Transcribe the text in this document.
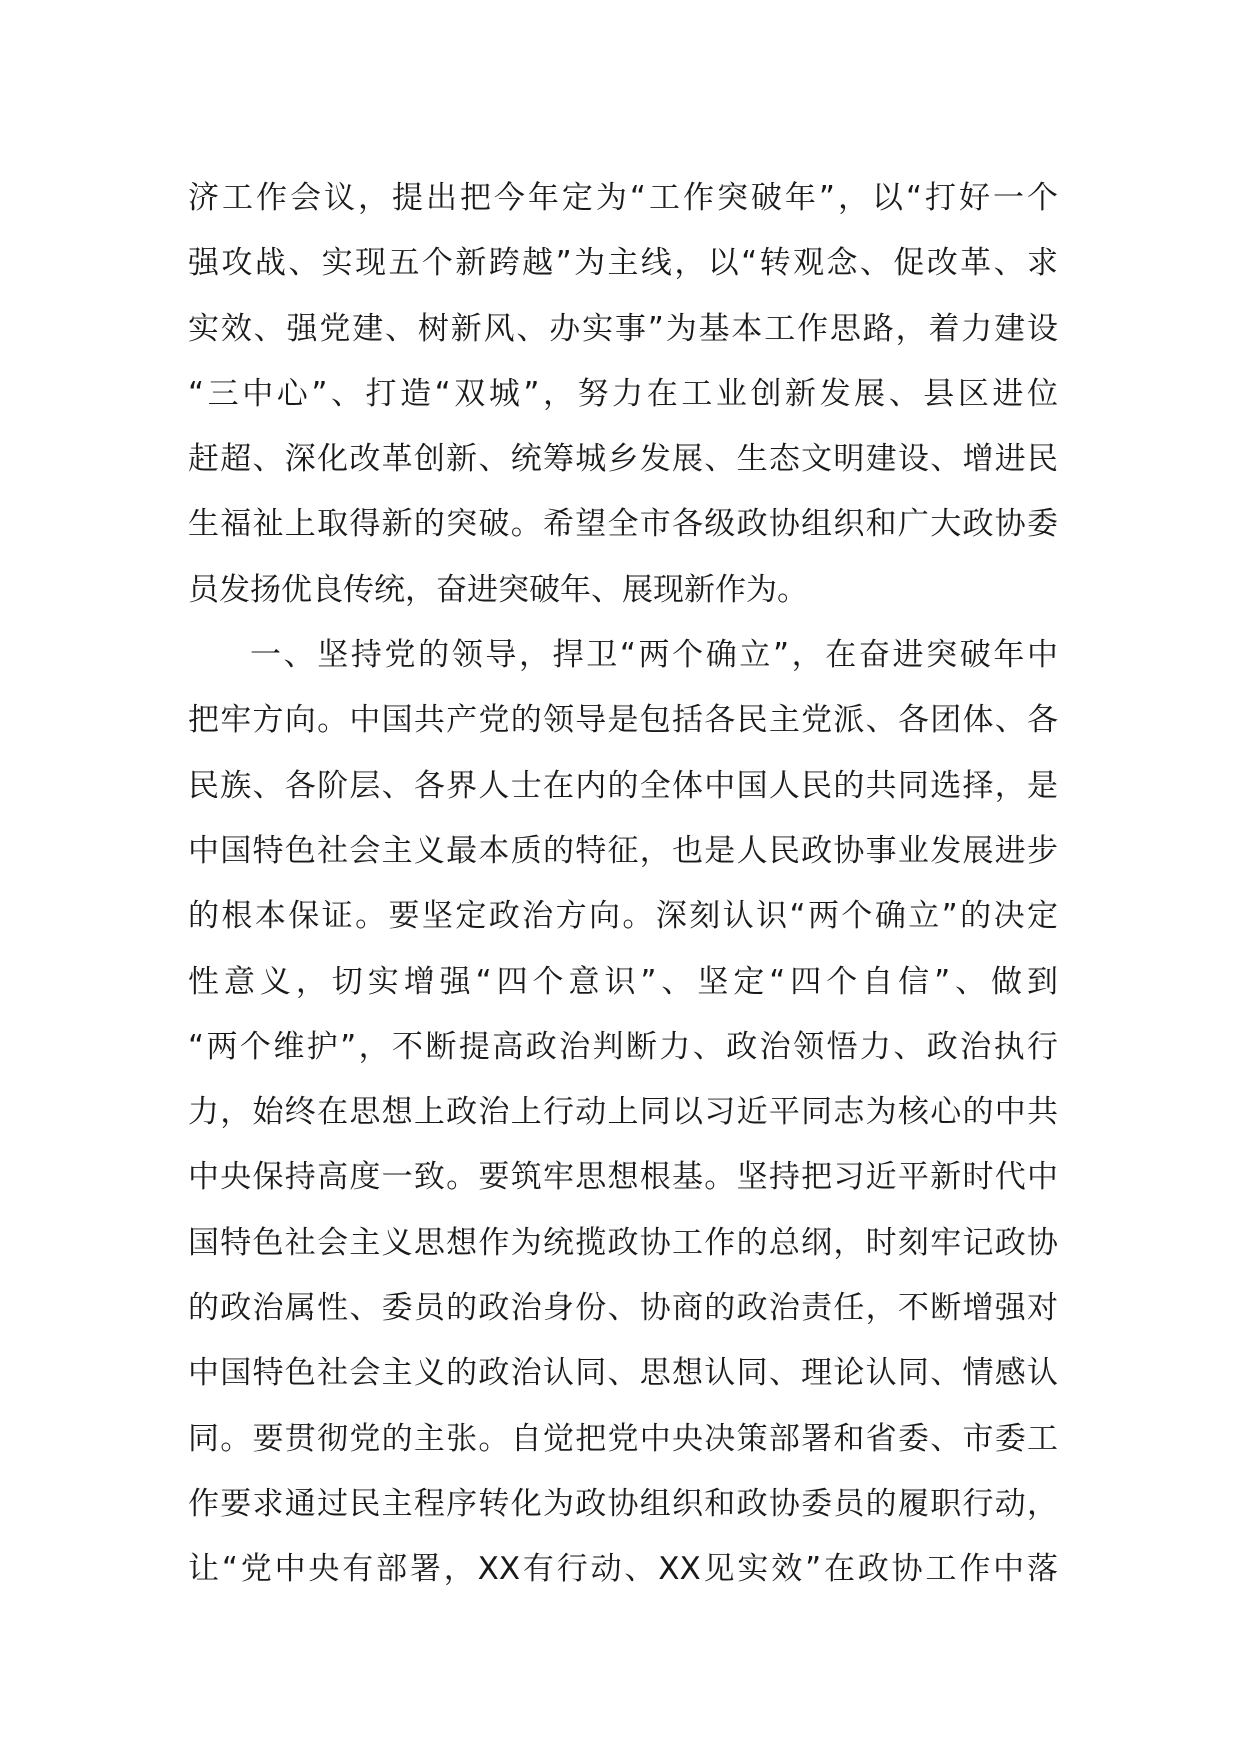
济工作会议，提出把今年定为“工作突破年”，以“打好一个
强攻战、实现五个新跨越”为主线，以“转观念、促改革、求
实效、强党建、树新风、办实事”为基本工作思路，着力建设
“三中心”、打造“双城”，努力在工业创新发展、县区进位
赶超、深化改革创新、统筹城乡发展、生态文明建设、增进民
生福祉上取得新的突破。希望全市各级政协组织和广大政协委
员发扬优良传统，奋进突破年、展现新作为。
一、坚持党的领导，捍卫“两个确立”，在奋进突破年中
把牢方向。中国共产党的领导是包括各民主党派、各团体、各
民族、各阶层、各界人士在内的全体中国人民的共同选择，是
中国特色社会主义最本质的特征，也是人民政协事业发展进步
的根本保证。要坚定政治方向。深刻认识“两个确立”的决定
性意义，切实增强“四个意识”、坚定“四个自信”、做到
“两个维护”，不断提高政治判断力、政治领悟力、政治执行
力，始终在思想上政治上行动上同以习近平同志为核心的中共
中央保持高度一致。要筑牢思想根基。坚持把习近平新时代中
国特色社会主义思想作为统揽政协工作的总纲，时刻牢记政协
的政治属性、委员的政治身份、协商的政治责任，不断增强对
中国特色社会主义的政治认同、思想认同、理论认同、情感认
同。要贯彻党的主张。自觉把党中央决策部署和省委、市委工
作要求通过民主程序转化为政协组织和政协委员的履职行动，
让“党中央有部署，XX有行动、XX见实效”在政协工作中落
